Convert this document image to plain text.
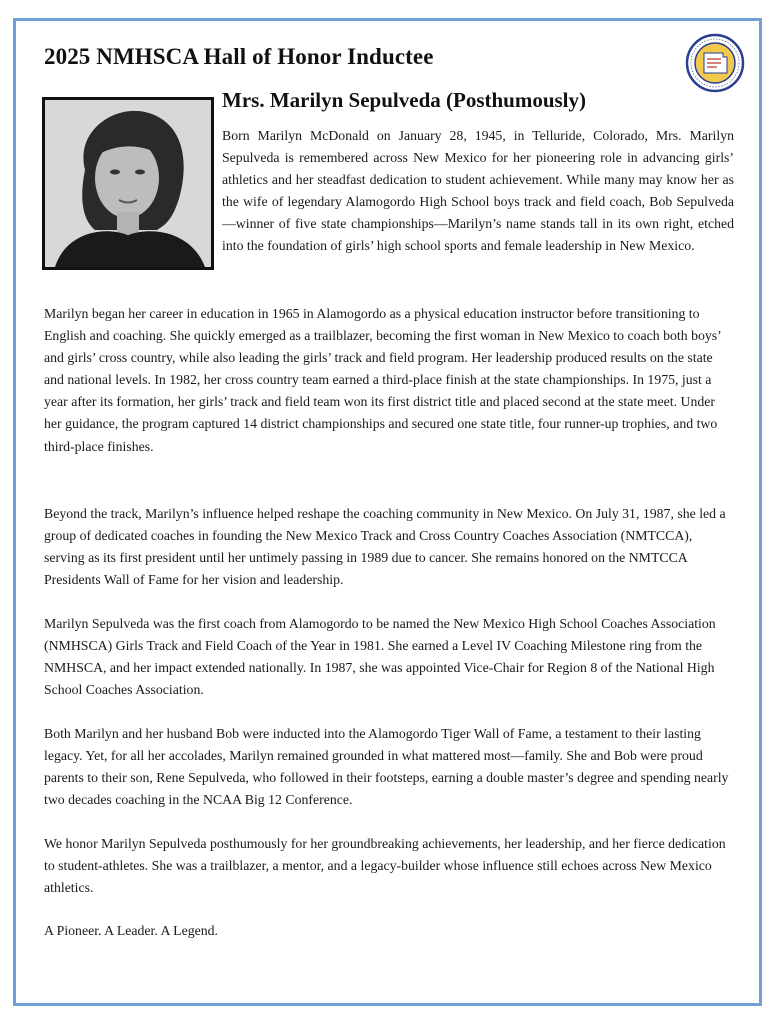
2025 NMHSCA Hall of Honor Inductee
Mrs. Marilyn Sepulveda (Posthumously)

Born Marilyn McDonald on January 28, 1945, in Telluride, Colorado, Mrs. Marilyn Sepulveda is remembered across New Mexico for her pioneering role in advancing girls’ athletics and her steadfast dedication to student achievement. While many may know her as the wife of legendary Alamogordo High School boys track and field coach, Bob Sepulveda—winner of five state championships—Marilyn’s name stands tall in its own right, etched into the foundation of girls’ high school sports and female leadership in New Mexico.

Marilyn began her career in education in 1965 in Alamogordo as a physical education instructor before transitioning to English and coaching. She quickly emerged as a trailblazer, becoming the first woman in New Mexico to coach both boys’ and girls’ cross country, while also leading the girls’ track and field program. Her leadership produced results on the state and national levels. In 1982, her cross country team earned a third-place finish at the state championships. In 1975, just a year after its formation, her girls’ track and field team won its first district title and placed second at the state meet. Under her guidance, the program captured 14 district championships and secured one state title, four runner-up trophies, and two third-place finishes.

Beyond the track, Marilyn’s influence helped reshape the coaching community in New Mexico. On July 31, 1987, she led a group of dedicated coaches in founding the New Mexico Track and Cross Country Coaches Association (NMTCCA), serving as its first president until her untimely passing in 1989 due to cancer. She remains honored on the NMTCCA Presidents Wall of Fame for her vision and leadership.

Marilyn Sepulveda was the first coach from Alamogordo to be named the New Mexico High School Coaches Association (NMHSCA) Girls Track and Field Coach of the Year in 1981. She earned a Level IV Coaching Milestone ring from the NMHSCA, and her impact extended nationally. In 1987, she was appointed Vice-Chair for Region 8 of the National High School Coaches Association.

Both Marilyn and her husband Bob were inducted into the Alamogordo Tiger Wall of Fame, a testament to their lasting legacy. Yet, for all her accolades, Marilyn remained grounded in what mattered most—family. She and Bob were proud parents to their son, Rene Sepulveda, who followed in their footsteps, earning a double master’s degree and spending nearly two decades coaching in the NCAA Big 12 Conference.

We honor Marilyn Sepulveda posthumously for her groundbreaking achievements, her leadership, and her fierce dedication to student-athletes. She was a trailblazer, a mentor, and a legacy-builder whose influence still echoes across New Mexico athletics.

A Pioneer. A Leader. A Legend.
